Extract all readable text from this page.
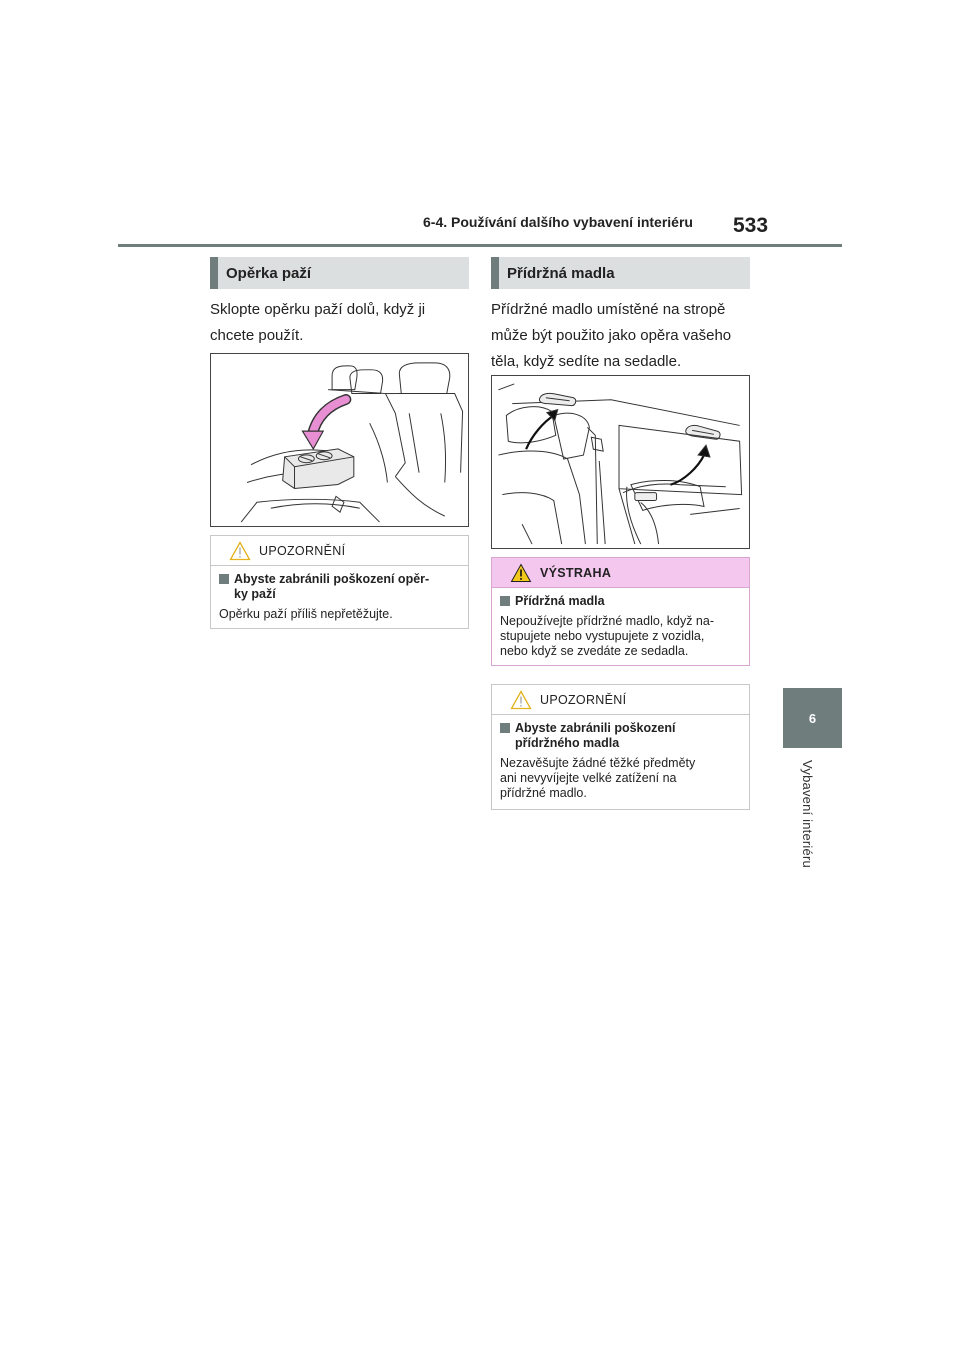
6-4. Používání dalšího vybavení interiéru 533
6
Vybavení interiéru
Opěrka paží
Sklopte opěrku paží dolů, když ji
chcete použít.
UPOZORNĚNÍ
Abyste zabránili poškození opěr-
ky paží
Opěrku paží příliš nepřetěžujte.
Přídržná madla
Přídržné madlo umístěné na stropě
může být použito jako opěra vašeho
těla, když sedíte na sedadle.
VÝSTRAHA
Přídržná madla
Nepoužívejte přídržné madlo, když na-
stupujete nebo vystupujete z vozidla,
nebo když se zvedáte ze sedadla.
UPOZORNĚNÍ
Abyste zabránili poškození
přídržného madla
Nezavěšujte žádné těžké předměty
ani nevyvíjejte velké zatížení na
přídržné madlo.
